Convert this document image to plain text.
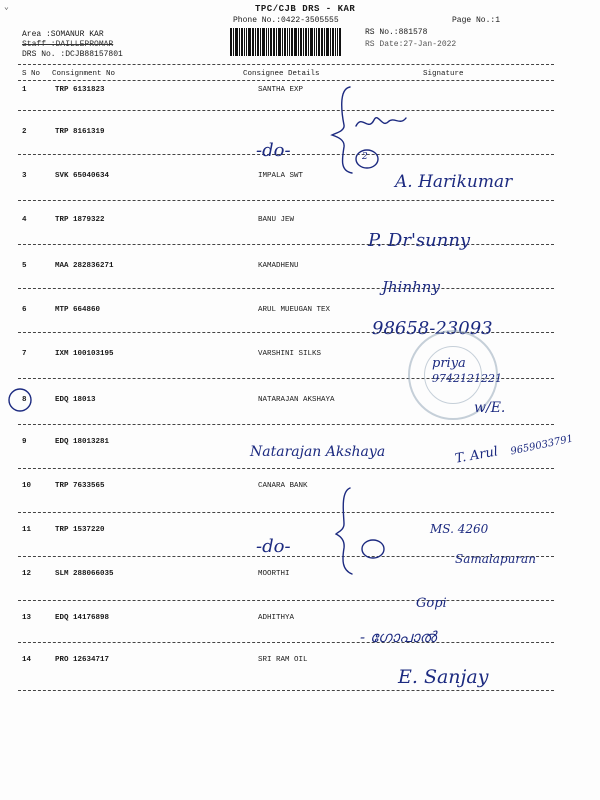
⌄	TPC/CJB DRS - KAR
Phone No.:0422-3505555	Page No.:1
Area :SOMANUR KAR
Staff :DAILLEPROMAR
DRS No. :DCJB88157801
RS No.:881578
RS Date:27-Jan-2022
S No Consignment No	Consignee Details	Signature
1	TRP 6131823	SANTHA EXP
2	TRP 8161319
3	SVK 65040634	IMPALA SWT
4	TRP 1879322	BANU JEW
5	MAA 282836271	KAMADHENU
6	MTP 664860	ARUL MUEUGAN TEX
7	IXM 100103195	VARSHINI SILKS
8	EDQ 18013	NATARAJAN AKSHAYA
9	EDQ 18013281
10	TRP 7633565	CANARA BANK
11	TRP 1537220
12	SLM 288066035	MOORTHI
13	EDQ 14176898	ADHITHYA
14	PRO 12634717	SRI RAM OIL
2
-do-
A. Harikumar
P. Dr'sunny
Jhinhny
98658-23093
priya
9742121221
w/E.
Natarajan Akshaya	T. Arul 9659033791
-do-
MS. 4260
Samalapuran
Gopi
- ഗോപാൽ
E. Sanjay
